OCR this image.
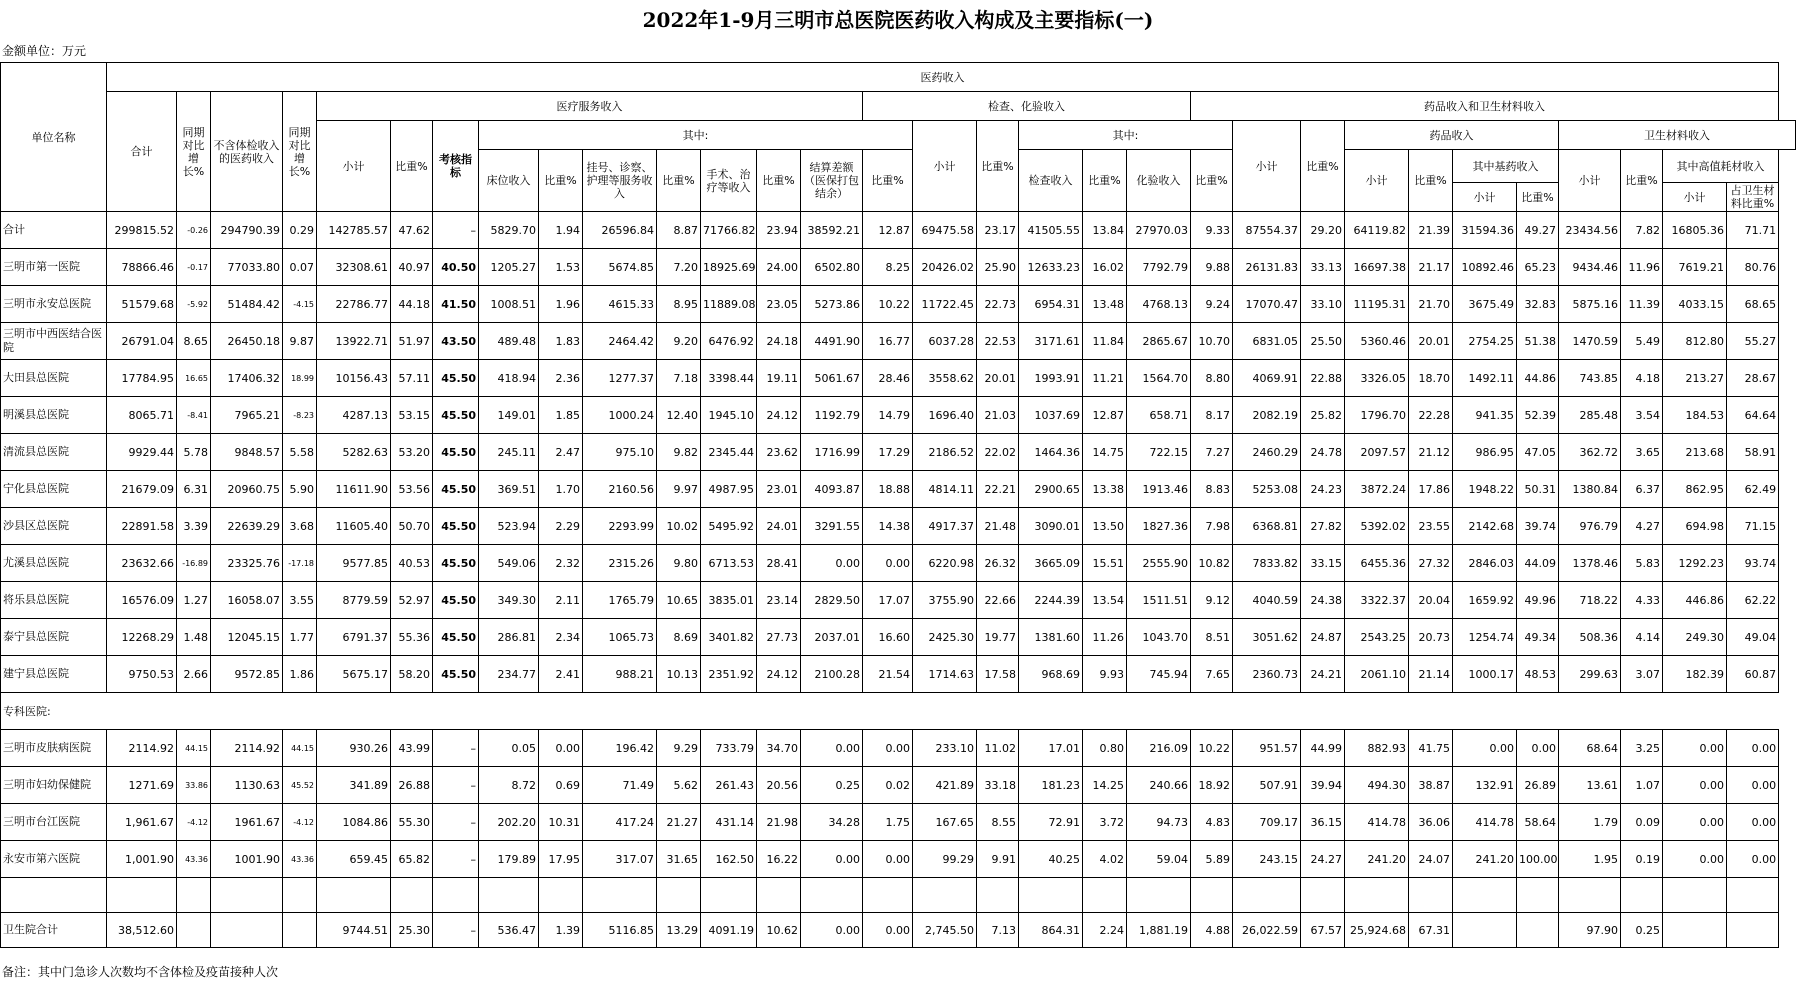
2022年1-9月三明市总医院医药收入构成及主要指标(一)
金额单位：万元
单位名称	医药收入																														
	合计	同期对比增长%	不含体检收入的医药收入	同期对比增长%	医疗服务收入										检查、化验收入						药品收入和卫生材料收入										
					小计	比重%	考核指标	其中:								小计	比重%	其中:				小计	比重%	药品收入				卫生材料收入			
								床位收入	比重%	挂号、诊察、护理等服务收入	比重%	手术、治疗等收入	比重%	结算差额（医保打包结余）	比重%			检查收入	比重%	化验收入	比重%			小计	比重%	其中基药收入		小计	比重%	其中高值耗材收入	
																										小计	比重%			小计	占卫生材料比重%
合计	299815.52	-0.26	294790.39	0.29	142785.57	47.62	–	5829.70	1.94	26596.84	8.87	71766.82	23.94	38592.21	12.87	69475.58	23.17	41505.55	13.84	27970.03	9.33	87554.37	29.20	64119.82	21.39	31594.36	49.27	23434.56	7.82	16805.36	71.71
三明市第一医院	78866.46	-0.17	77033.80	0.07	32308.61	40.97	40.50	1205.27	1.53	5674.85	7.20	18925.69	24.00	6502.80	8.25	20426.02	25.90	12633.23	16.02	7792.79	9.88	26131.83	33.13	16697.38	21.17	10892.46	65.23	9434.46	11.96	7619.21	80.76
三明市永安总医院	51579.68	-5.92	51484.42	-4.15	22786.77	44.18	41.50	1008.51	1.96	4615.33	8.95	11889.08	23.05	5273.86	10.22	11722.45	22.73	6954.31	13.48	4768.13	9.24	17070.47	33.10	11195.31	21.70	3675.49	32.83	5875.16	11.39	4033.15	68.65
三明市中西医结合医院	26791.04	8.65	26450.18	9.87	13922.71	51.97	43.50	489.48	1.83	2464.42	9.20	6476.92	24.18	4491.90	16.77	6037.28	22.53	3171.61	11.84	2865.67	10.70	6831.05	25.50	5360.46	20.01	2754.25	51.38	1470.59	5.49	812.80	55.27
大田县总医院	17784.95	16.65	17406.32	18.99	10156.43	57.11	45.50	418.94	2.36	1277.37	7.18	3398.44	19.11	5061.67	28.46	3558.62	20.01	1993.91	11.21	1564.70	8.80	4069.91	22.88	3326.05	18.70	1492.11	44.86	743.85	4.18	213.27	28.67
明溪县总医院	8065.71	-8.41	7965.21	-8.23	4287.13	53.15	45.50	149.01	1.85	1000.24	12.40	1945.10	24.12	1192.79	14.79	1696.40	21.03	1037.69	12.87	658.71	8.17	2082.19	25.82	1796.70	22.28	941.35	52.39	285.48	3.54	184.53	64.64
清流县总医院	9929.44	5.78	9848.57	5.58	5282.63	53.20	45.50	245.11	2.47	975.10	9.82	2345.44	23.62	1716.99	17.29	2186.52	22.02	1464.36	14.75	722.15	7.27	2460.29	24.78	2097.57	21.12	986.95	47.05	362.72	3.65	213.68	58.91
宁化县总医院	21679.09	6.31	20960.75	5.90	11611.90	53.56	45.50	369.51	1.70	2160.56	9.97	4987.95	23.01	4093.87	18.88	4814.11	22.21	2900.65	13.38	1913.46	8.83	5253.08	24.23	3872.24	17.86	1948.22	50.31	1380.84	6.37	862.95	62.49
沙县区总医院	22891.58	3.39	22639.29	3.68	11605.40	50.70	45.50	523.94	2.29	2293.99	10.02	5495.92	24.01	3291.55	14.38	4917.37	21.48	3090.01	13.50	1827.36	7.98	6368.81	27.82	5392.02	23.55	2142.68	39.74	976.79	4.27	694.98	71.15
尤溪县总医院	23632.66	-16.89	23325.76	-17.18	9577.85	40.53	45.50	549.06	2.32	2315.26	9.80	6713.53	28.41	0.00	0.00	6220.98	26.32	3665.09	15.51	2555.90	10.82	7833.82	33.15	6455.36	27.32	2846.03	44.09	1378.46	5.83	1292.23	93.74
将乐县总医院	16576.09	1.27	16058.07	3.55	8779.59	52.97	45.50	349.30	2.11	1765.79	10.65	3835.01	23.14	2829.50	17.07	3755.90	22.66	2244.39	13.54	1511.51	9.12	4040.59	24.38	3322.37	20.04	1659.92	49.96	718.22	4.33	446.86	62.22
泰宁县总医院	12268.29	1.48	12045.15	1.77	6791.37	55.36	45.50	286.81	2.34	1065.73	8.69	3401.82	27.73	2037.01	16.60	2425.30	19.77	1381.60	11.26	1043.70	8.51	3051.62	24.87	2543.25	20.73	1254.74	49.34	508.36	4.14	249.30	49.04
建宁县总医院	9750.53	2.66	9572.85	1.86	5675.17	58.20	45.50	234.77	2.41	988.21	10.13	2351.92	24.12	2100.28	21.54	1714.63	17.58	968.69	9.93	745.94	7.65	2360.73	24.21	2061.10	21.14	1000.17	48.53	299.63	3.07	182.39	60.87
专科医院:																															
三明市皮肤病医院	2114.92	44.15	2114.92	44.15	930.26	43.99	–	0.05	0.00	196.42	9.29	733.79	34.70	0.00	0.00	233.10	11.02	17.01	0.80	216.09	10.22	951.57	44.99	882.93	41.75	0.00	0.00	68.64	3.25	0.00	0.00
三明市妇幼保健院	1271.69	33.86	1130.63	45.52	341.89	26.88	–	8.72	0.69	71.49	5.62	261.43	20.56	0.25	0.02	421.89	33.18	181.23	14.25	240.66	18.92	507.91	39.94	494.30	38.87	132.91	26.89	13.61	1.07	0.00	0.00
三明市台江医院	1,961.67	-4.12	1961.67	-4.12	1084.86	55.30	–	202.20	10.31	417.24	21.27	431.14	21.98	34.28	1.75	167.65	8.55	72.91	3.72	94.73	4.83	709.17	36.15	414.78	36.06	414.78	58.64	1.79	0.09	0.00	0.00
永安市第六医院	1,001.90	43.36	1001.90	43.36	659.45	65.82	–	179.89	17.95	317.07	31.65	162.50	16.22	0.00	0.00	99.29	9.91	40.25	4.02	59.04	5.89	243.15	24.27	241.20	24.07	241.20	100.00	1.95	0.19	0.00	0.00

卫生院合计	38,512.60				9744.51	25.30	–	536.47	1.39	5116.85	13.29	4091.19	10.62	0.00	0.00	2,745.50	7.13	864.31	2.24	1,881.19	4.88	26,022.59	67.57	25,924.68	67.31			97.90	0.25		
备注：其中门急诊人次数均不含体检及疫苗接种人次
